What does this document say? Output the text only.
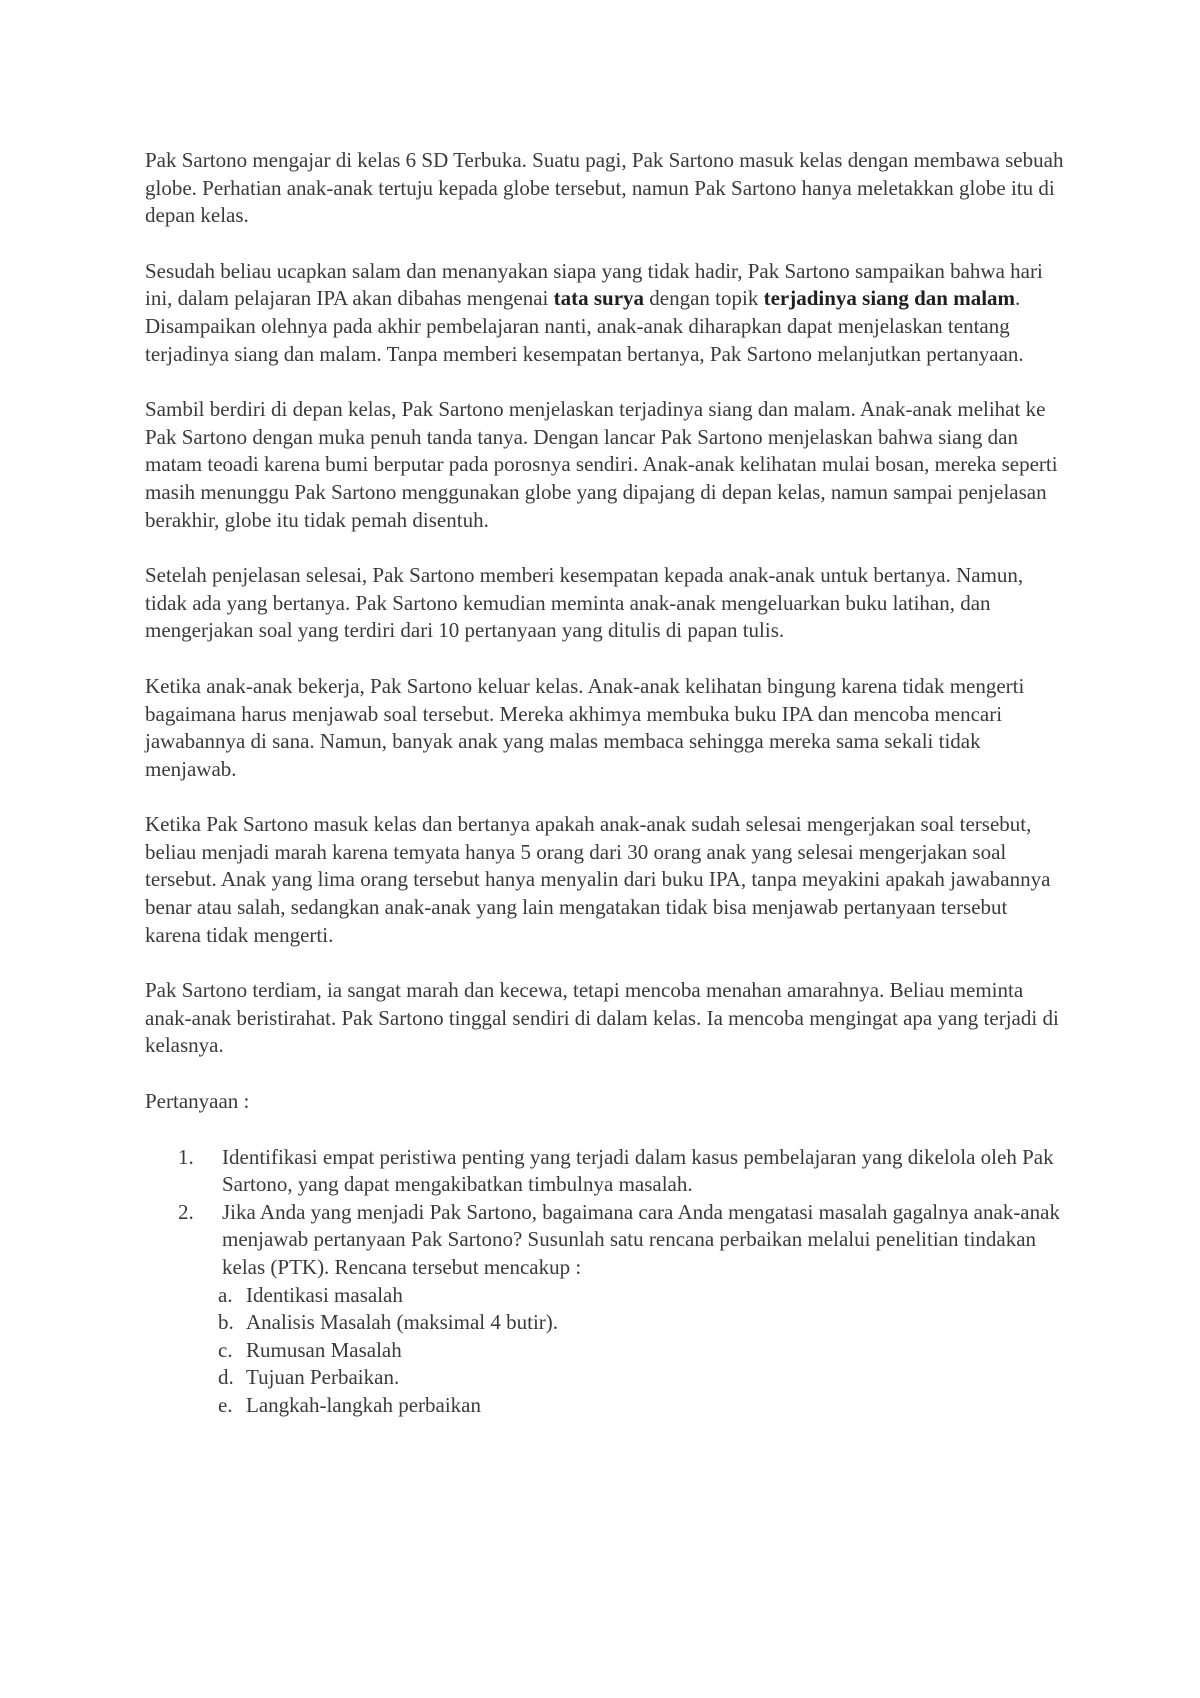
Pak Sartono mengajar di kelas 6 SD Terbuka. Suatu pagi, Pak Sartono masuk kelas dengan membawa sebuah globe. Perhatian anak-anak tertuju kepada globe tersebut, namun Pak Sartono hanya meletakkan globe itu di depan kelas.

Sesudah beliau ucapkan salam dan menanyakan siapa yang tidak hadir, Pak Sartono sampaikan bahwa hari ini, dalam pelajaran IPA akan dibahas mengenai tata surya dengan topik terjadinya siang dan malam. Disampaikan olehnya pada akhir pembelajaran nanti, anak-anak diharapkan dapat menjelaskan tentang terjadinya siang dan malam. Tanpa memberi kesempatan bertanya, Pak Sartono melanjutkan pertanyaan.

Sambil berdiri di depan kelas, Pak Sartono menjelaskan terjadinya siang dan malam. Anak-anak melihat ke Pak Sartono dengan muka penuh tanda tanya. Dengan lancar Pak Sartono menjelaskan bahwa siang dan matam teoadi karena bumi berputar pada porosnya sendiri. Anak-anak kelihatan mulai bosan, mereka seperti masih menunggu Pak Sartono menggunakan globe yang dipajang di depan kelas, namun sampai penjelasan berakhir, globe itu tidak pemah disentuh.

Setelah penjelasan selesai, Pak Sartono memberi kesempatan kepada anak-anak untuk bertanya. Namun, tidak ada yang bertanya. Pak Sartono kemudian meminta anak-anak mengeluarkan buku latihan, dan mengerjakan soal yang terdiri dari 10 pertanyaan yang ditulis di papan tulis.

Ketika anak-anak bekerja, Pak Sartono keluar kelas. Anak-anak kelihatan bingung karena tidak mengerti bagaimana harus menjawab soal tersebut. Mereka akhimya membuka buku IPA dan mencoba mencari jawabannya di sana. Namun, banyak anak yang malas membaca sehingga mereka sama sekali tidak menjawab.

Ketika Pak Sartono masuk kelas dan bertanya apakah anak-anak sudah selesai mengerjakan soal tersebut, beliau menjadi marah karena temyata hanya 5 orang dari 30 orang anak yang selesai mengerjakan soal tersebut. Anak yang lima orang tersebut hanya menyalin dari buku IPA, tanpa meyakini apakah jawabannya benar atau salah, sedangkan anak-anak yang lain mengatakan tidak bisa menjawab pertanyaan tersebut karena tidak mengerti.

Pak Sartono terdiam, ia sangat marah dan kecewa, tetapi mencoba menahan amarahnya. Beliau meminta anak-anak beristirahat. Pak Sartono tinggal sendiri di dalam kelas. Ia mencoba mengingat apa yang terjadi di kelasnya.

Pertanyaan :

1. Identifikasi empat peristiwa penting yang terjadi dalam kasus pembelajaran yang dikelola oleh Pak Sartono, yang dapat mengakibatkan timbulnya masalah.
2. Jika Anda yang menjadi Pak Sartono, bagaimana cara Anda mengatasi masalah gagalnya anak-anak menjawab pertanyaan Pak Sartono? Susunlah satu rencana perbaikan melalui penelitian tindakan kelas (PTK). Rencana tersebut mencakup :
a. Identikasi masalah
b. Analisis Masalah (maksimal 4 butir).
c. Rumusan Masalah
d. Tujuan Perbaikan.
e. Langkah-langkah perbaikan
